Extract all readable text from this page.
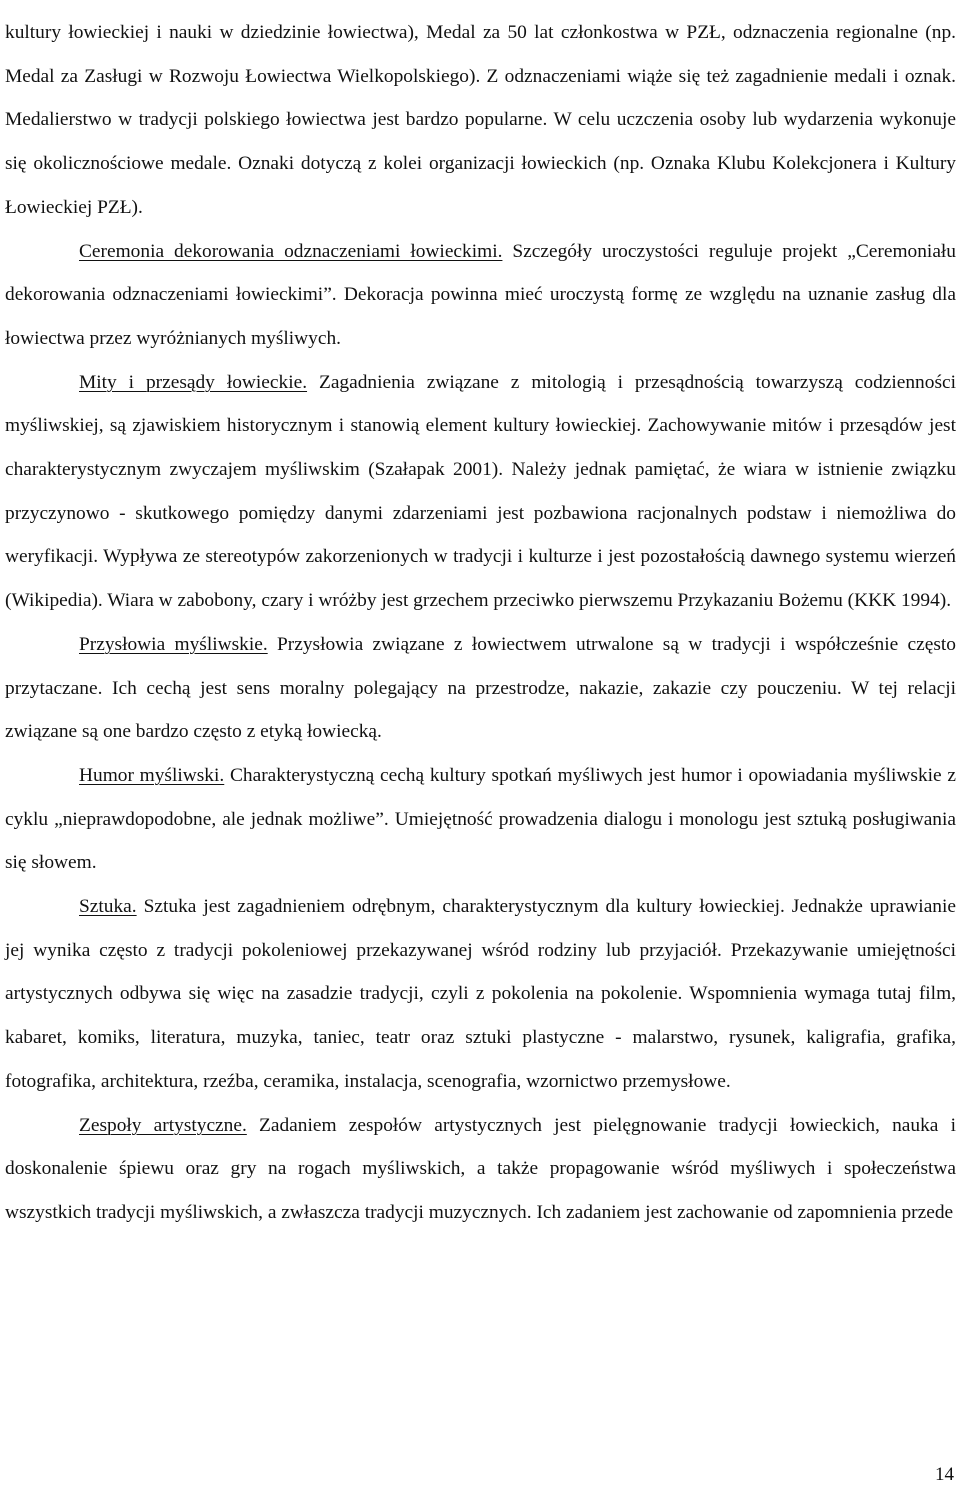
kultury łowieckiej i nauki w dziedzinie łowiectwa), Medal za 50 lat członkostwa w PZŁ, odznaczenia regionalne (np. Medal za Zasługi w Rozwoju Łowiectwa Wielkopolskiego). Z odznaczeniami wiąże się też zagadnienie medali i oznak. Medalierstwo w tradycji polskiego łowiectwa jest bardzo popularne. W celu uczczenia osoby lub wydarzenia wykonuje się okolicznościowe medale. Oznaki dotyczą z kolei organizacji łowieckich (np. Oznaka Klubu Kolekcjonera i Kultury Łowieckiej PZŁ).

Ceremonia dekorowania odznaczeniami łowieckimi. Szczegóły uroczystości reguluje projekt „Ceremoniału dekorowania odznaczeniami łowieckimi”. Dekoracja powinna mieć uroczystą formę ze względu na uznanie zasług dla łowiectwa przez wyróżnianych myśliwych.

Mity i przesądy łowieckie. Zagadnienia związane z mitologią i przesądnością towarzyszą codzienności myśliwskiej, są zjawiskiem historycznym i stanowią element kultury łowieckiej. Zachowywanie mitów i przesądów jest charakterystycznym zwyczajem myśliwskim (Szałapak 2001). Należy jednak pamiętać, że wiara w istnienie związku przyczynowo - skutkowego pomiędzy danymi zdarzeniami jest pozbawiona racjonalnych podstaw i niemożliwa do weryfikacji. Wypływa ze stereotypów zakorzenionych w tradycji i kulturze i jest pozostałością dawnego systemu wierzeń (Wikipedia). Wiara w zabobony, czary i wróżby jest grzechem przeciwko pierwszemu Przykazaniu Bożemu (KKK 1994).

Przysłowia myśliwskie. Przysłowia związane z łowiectwem utrwalone są w tradycji i współcześnie często przytaczane. Ich cechą jest sens moralny polegający na przestrodze, nakazie, zakazie czy pouczeniu. W tej relacji związane są one bardzo często z etyką łowiecką.

Humor myśliwski. Charakterystyczną cechą kultury spotkań myśliwych jest humor i opowiadania myśliwskie z cyklu „nieprawdopodobne, ale jednak możliwe”. Umiejętność prowadzenia dialogu i monologu jest sztuką posługiwania się słowem.

Sztuka. Sztuka jest zagadnieniem odrębnym, charakterystycznym dla kultury łowieckiej. Jednakże uprawianie jej wynika często z tradycji pokoleniowej przekazywanej wśród rodziny lub przyjaciół. Przekazywanie umiejętności artystycznych odbywa się więc na zasadzie tradycji, czyli z pokolenia na pokolenie. Wspomnienia wymaga tutaj film, kabaret, komiks, literatura, muzyka, taniec, teatr oraz sztuki plastyczne - malarstwo, rysunek, kaligrafia, grafika, fotografika, architektura, rzeźba, ceramika, instalacja, scenografia, wzornictwo przemysłowe.

Zespoły artystyczne. Zadaniem zespołów artystycznych jest pielęgnowanie tradycji łowieckich, nauka i doskonalenie śpiewu oraz gry na rogach myśliwskich, a także propagowanie wśród myśliwych i społeczeństwa wszystkich tradycji myśliwskich, a zwłaszcza tradycji muzycznych. Ich zadaniem jest zachowanie od zapomnienia przede

14
